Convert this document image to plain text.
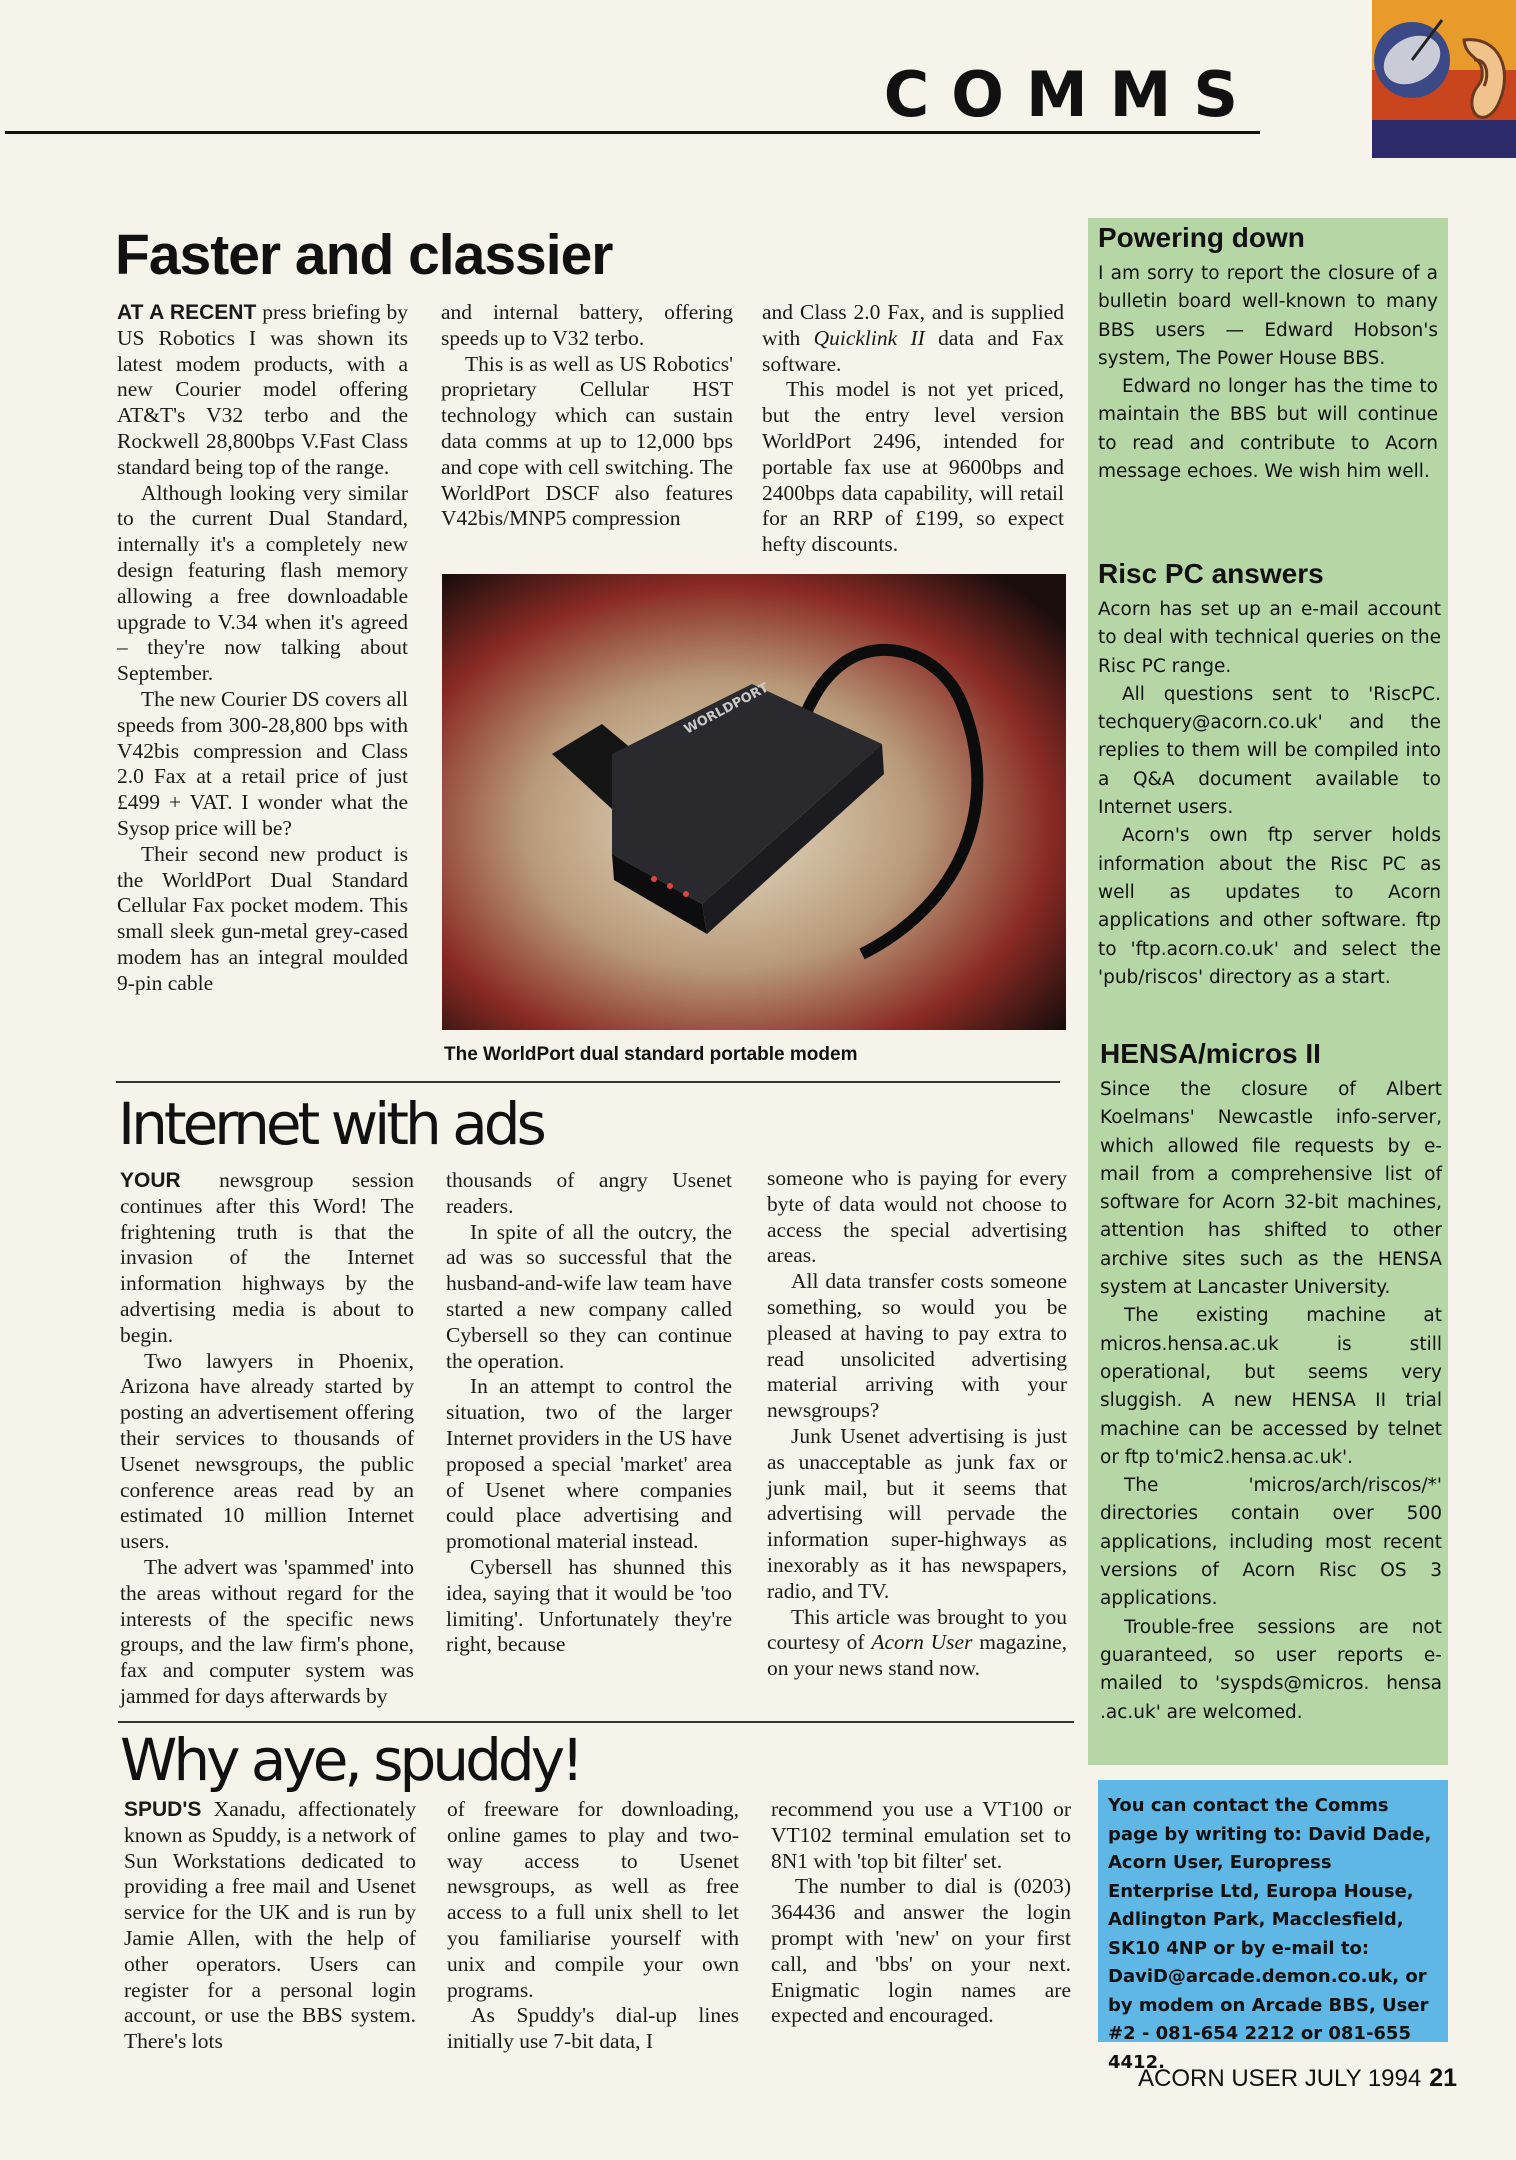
COMMS
Faster and classier

AT A RECENT press briefing by US Robotics I was shown its latest modem products, with a new Courier model offering AT&T's V32 terbo and the Rockwell 28,800bps V.Fast Class standard being top of the range.

Although looking very similar to the current Dual Standard, internally it's a completely new design featuring flash memory allowing a free downloadable upgrade to V.34 when it's agreed – they're now talking about September.

The new Courier DS covers all speeds from 300-28,800 bps with V42bis compression and Class 2.0 Fax at a retail price of just £499 + VAT. I wonder what the Sysop price will be?

Their second new product is the WorldPort Dual Standard Cellular Fax pocket modem. This small sleek gun-metal grey-cased modem has an integral moulded 9-pin cable

and internal battery, offering speeds up to V32 terbo.

This is as well as US Robotics' proprietary Cellular HST technology which can sustain data comms at up to 12,000 bps and cope with cell switching. The WorldPort DSCF also features V42bis/MNP5 compression

and Class 2.0 Fax, and is supplied with Quicklink II data and Fax software.

This model is not yet priced, but the entry level version WorldPort 2496, intended for portable fax use at 9600bps and 2400bps data capability, will retail for an RRP of £199, so expect hefty discounts.

WORLDPORT
The WorldPort dual standard portable modem
Internet with ads

YOUR newsgroup session continues after this Word! The frightening truth is that the invasion of the Internet information highways by the advertising media is about to begin.

Two lawyers in Phoenix, Arizona have already started by posting an advertisement offering their services to thousands of Usenet newsgroups, the public conference areas read by an estimated 10 million Internet users.

The advert was 'spammed' into the areas without regard for the interests of the specific news groups, and the law firm's phone, fax and computer system was jammed for days afterwards by

thousands of angry Usenet readers.

In spite of all the outcry, the ad was so successful that the husband-and-wife law team have started a new company called Cybersell so they can continue the operation.

In an attempt to control the situation, two of the larger Internet providers in the US have proposed a special 'market' area of Usenet where companies could place advertising and promotional material instead.

Cybersell has shunned this idea, saying that it would be 'too limiting'. Unfortunately they're right, because

someone who is paying for every byte of data would not choose to access the special advertising areas.

All data transfer costs someone something, so would you be pleased at having to pay extra to read unsolicited advertising material arriving with your newsgroups?

Junk Usenet advertising is just as unacceptable as junk fax or junk mail, but it seems that advertising will pervade the information super-highways as inexorably as it has newspapers, radio, and TV.

This article was brought to you courtesy of Acorn User magazine, on your news stand now.

Why aye, spuddy!

SPUD'S Xanadu, affectionately known as Spuddy, is a network of Sun Workstations dedicated to providing a free mail and Usenet service for the UK and is run by Jamie Allen, with the help of other operators. Users can register for a personal login account, or use the BBS system. There's lots

of freeware for downloading, online games to play and two-way access to Usenet newsgroups, as well as free access to a full unix shell to let you familiarise yourself with unix and compile your own programs.

As Spuddy's dial-up lines initially use 7-bit data, I

recommend you use a VT100 or VT102 terminal emulation set to 8N1 with 'top bit filter' set.

The number to dial is (0203) 364436 and answer the login prompt with 'new' on your first call, and 'bbs' on your next. Enigmatic login names are expected and encouraged.

Powering down

I am sorry to report the closure of a bulletin board well-known to many BBS users — Edward Hobson's system, The Power House BBS.

Edward no longer has the time to maintain the BBS but will continue to read and contribute to Acorn message echoes. We wish him well.

Risc PC answers

Acorn has set up an e-mail account to deal with technical queries on the Risc PC range.

All questions sent to 'RiscPC. techquery@acorn.co.uk' and the replies to them will be compiled into a Q&A document available to Internet users.

Acorn's own ftp server holds information about the Risc PC as well as updates to Acorn applications and other software. ftp to 'ftp.acorn.co.uk' and select the 'pub/riscos' directory as a start.

HENSA/micros II

Since the closure of Albert Koelmans' Newcastle info-server, which allowed file requests by e-mail from a comprehensive list of software for Acorn 32-bit machines, attention has shifted to other archive sites such as the HENSA system at Lancaster University.

The existing machine at micros.hensa.ac.uk is still operational, but seems very sluggish. A new HENSA II trial machine can be accessed by telnet or ftp to'mic2.hensa.ac.uk'.

The 'micros/arch/riscos/*' directories contain over 500 applications, including most recent versions of Acorn Risc OS 3 applications.

Trouble-free sessions are not guaranteed, so user reports e-mailed to 'syspds@micros. hensa .ac.uk' are welcomed.

You can contact the Comms page by writing to: David Dade, Acorn User, Europress Enterprise Ltd, Europa House, Adlington Park, Macclesfield, SK10 4NP or by e-mail to: DaviD@arcade.demon.co.uk, or by modem on Arcade BBS, User #2 - 081-654 2212 or 081-655 4412.
ACORN USER JULY 1994 21
